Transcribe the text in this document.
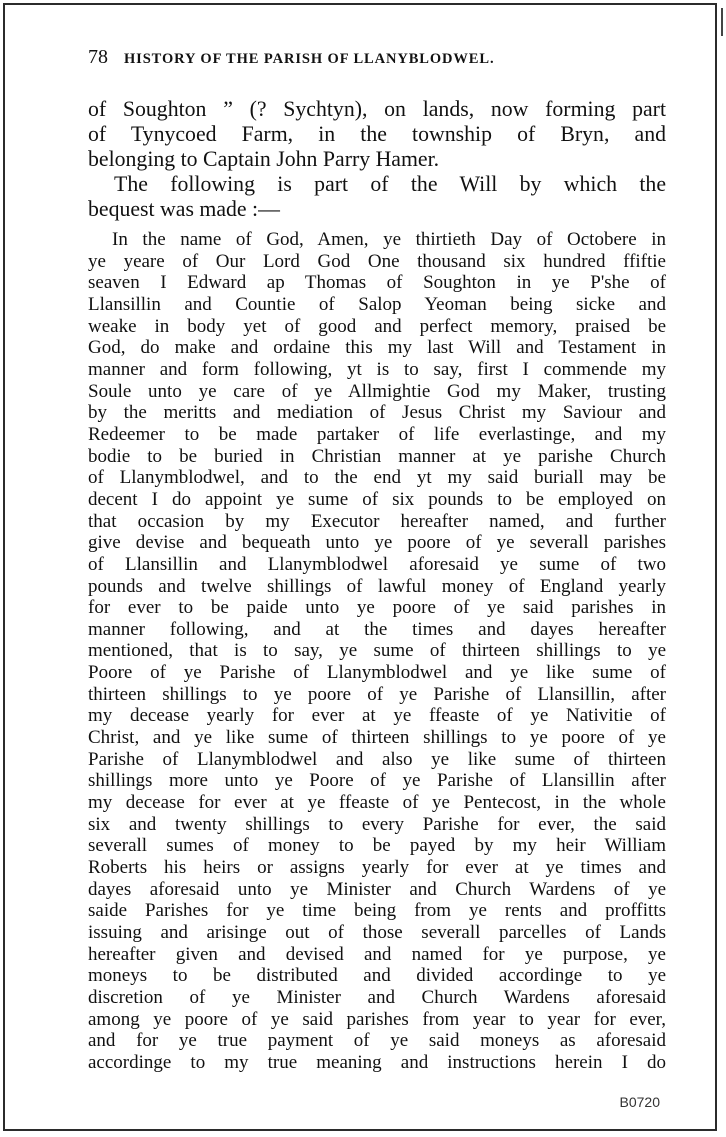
78 HISTORY OF THE PARISH OF LLANYBLODWEL.
of Soughton ” (? Sychtyn), on lands, now forming part
of Tynycoed Farm, in the township of Bryn, and
belonging to Captain John Parry Hamer.
The following is part of the Will by which the
bequest was made :—
In the name of God, Amen, ye thirtieth Day of Octobere in
ye yeare of Our Lord God One thousand six hundred ffiftie
seaven I Edward ap Thomas of Soughton in ye P'she of
Llansillin and Countie of Salop Yeoman being sicke and
weake in body yet of good and perfect memory, praised be
God, do make and ordaine this my last Will and Testament in
manner and form following, yt is to say, first I commende my
Soule unto ye care of ye Allmightie God my Maker, trusting
by the meritts and mediation of Jesus Christ my Saviour and
Redeemer to be made partaker of life everlastinge, and my
bodie to be buried in Christian manner at ye parishe Church
of Llanymblodwel, and to the end yt my said buriall may be
decent I do appoint ye sume of six pounds to be employed on
that occasion by my Executor hereafter named, and further
give devise and bequeath unto ye poore of ye severall parishes
of Llansillin and Llanymblodwel aforesaid ye sume of two
pounds and twelve shillings of lawful money of England yearly
for ever to be paide unto ye poore of ye said parishes in
manner following, and at the times and dayes hereafter
mentioned, that is to say, ye sume of thirteen shillings to ye
Poore of ye Parishe of Llanymblodwel and ye like sume of
thirteen shillings to ye poore of ye Parishe of Llansillin, after
my decease yearly for ever at ye ffeaste of ye Nativitie of
Christ, and ye like sume of thirteen shillings to ye poore of ye
Parishe of Llanymblodwel and also ye like sume of thirteen
shillings more unto ye Poore of ye Parishe of Llansillin after
my decease for ever at ye ffeaste of ye Pentecost, in the whole
six and twenty shillings to every Parishe for ever, the said
severall sumes of money to be payed by my heir William
Roberts his heirs or assigns yearly for ever at ye times and
dayes aforesaid unto ye Minister and Church Wardens of ye
saide Parishes for ye time being from ye rents and proffitts
issuing and arisinge out of those severall parcelles of Lands
hereafter given and devised and named for ye purpose, ye
moneys to be distributed and divided accordinge to ye
discretion of ye Minister and Church Wardens aforesaid
among ye poore of ye said parishes from year to year for ever,
and for ye true payment of ye said moneys as aforesaid
accordinge to my true meaning and instructions herein I do
B0720
